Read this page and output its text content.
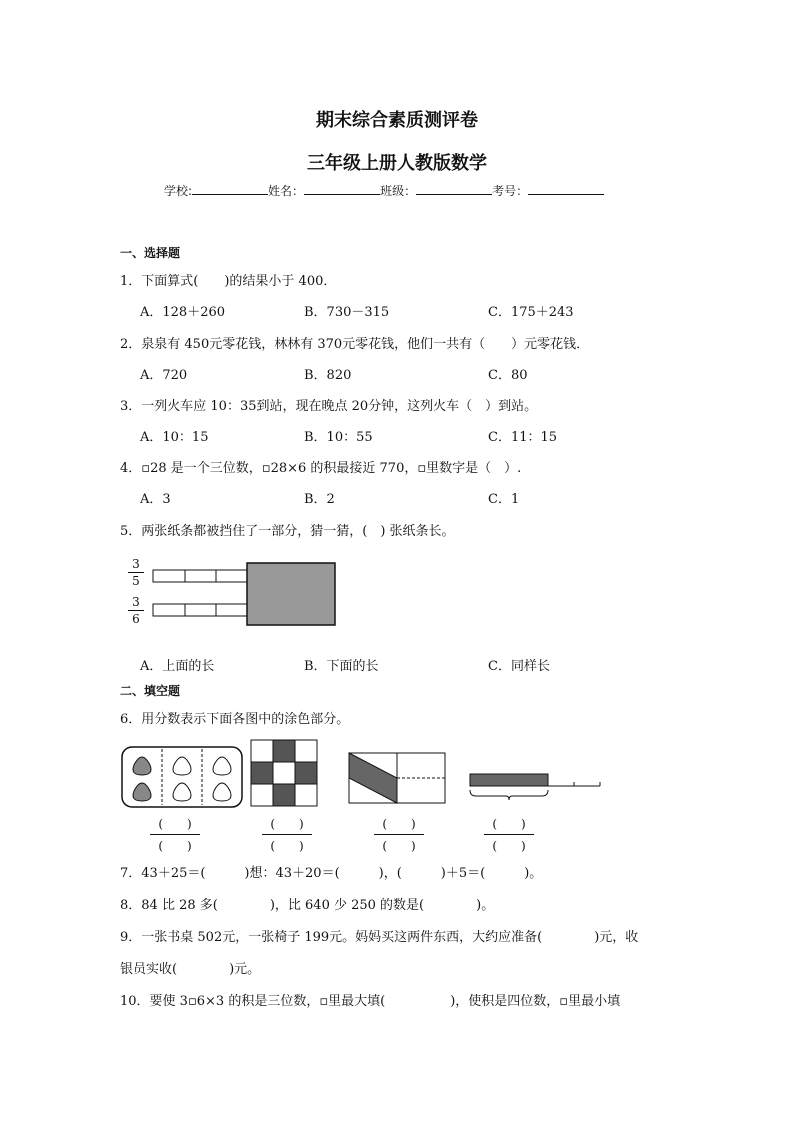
期末综合素质测评卷
三年级上册人教版数学
学校:	姓名：	班级：	考号：
一、选择题
1．下面算式(　　)的结果小于 400．
A．128＋260	B．730－315	C．175＋243
2．泉泉有 450元零花钱，林林有 370元零花钱，他们一共有（　　）元零花钱．
A．720	B．820	C．80
3．一列火车应 10：35到站，现在晚点 20分钟，这列火车（　）到站。
A．10：15	B．10：55	C．11：15
4．▫28 是一个三位数，▫28×6 的积最接近 770，▫里数字是（　）.
A．3	B．2	C．1
5．两张纸条都被挡住了一部分，猜一猜，(　) 张纸条长。
3
5
3
6
A．上面的长	B．下面的长	C．同样长
二、填空题
6．用分数表示下面各图中的涂色部分。
(　　)
(　　)
(　　)
(　　)
(　　)
(　　)
(　　)
(　　)
7．43＋25＝(　　　)想：43＋20＝(　　　)，(　　　)＋5＝(　　　)。
8．84 比 28 多(　　　　)，比 640 少 250 的数是(　　　　)。
9．一张书桌 502元，一张椅子 199元。妈妈买这两件东西，大约应准备(　　　　)元，收
银员实收(　　　　)元。
10．要使 3▫6×3 的积是三位数，▫里最大填(　　　　　)，使积是四位数，▫里最小填
